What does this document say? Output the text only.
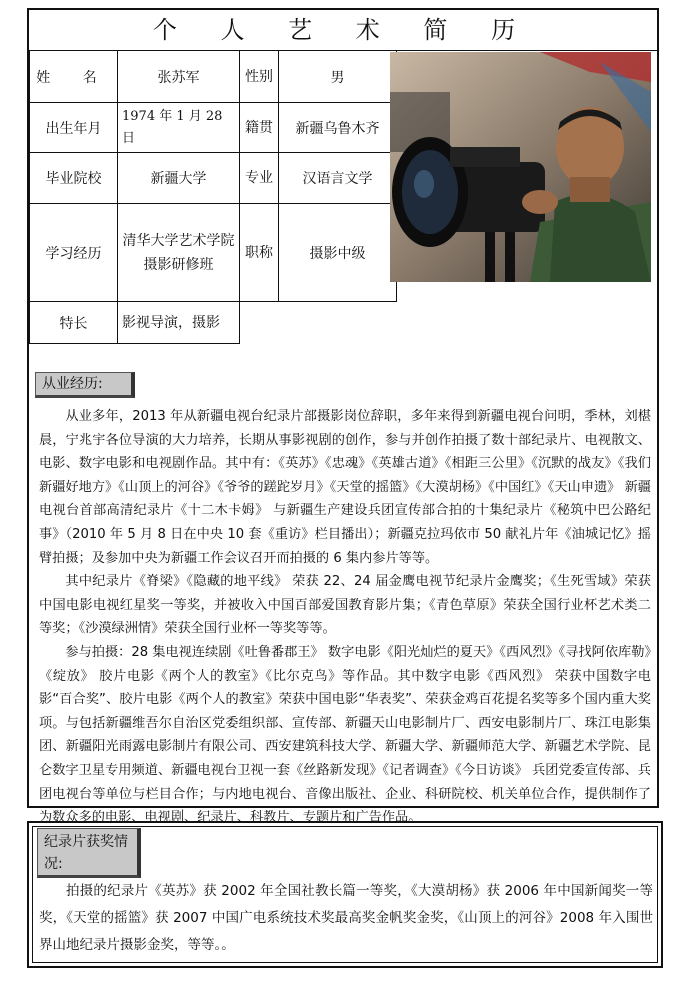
个 人 艺 术 简 历
姓 名	张苏军	性别	男
出生年月	1974 年 1 月 28 日	籍贯	新疆乌鲁木齐
毕业院校	新疆大学	专业	汉语言文学
学习经历	清华大学艺术学院 摄影研修班	职称	摄影中级
特长	影视导演，摄影		
从业经历:

从业多年，2013 年从新疆电视台纪录片部摄影岗位辞职，多年来得到新疆电视台问明，季林，刘椹晨，宁兆宇各位导演的大力培养，长期从事影视剧的创作，参与并创作拍摄了数十部纪录片、电视散文、电影、数字电影和电视剧作品。其中有：《英苏》《忠魂》《英雄古道》《相距三公里》《沉默的战友》《我们新疆好地方》《山顶上的河谷》《爷爷的蹉跎岁月》《天堂的摇篮》《大漠胡杨》《中国红》《天山申遗》 新疆电视台首部高清纪录片《十二木卡姆》 与新疆生产建设兵团宣传部合拍的十集纪录片《秘筑中巴公路纪事》（2010 年 5 月 8 日在中央 10 套《重访》栏目播出）；新疆克拉玛依市 50 献礼片年《油城记忆》摇臂拍摄；及参加中央为新疆工作会议召开而拍摄的 6 集内参片等等。

其中纪录片《脊梁》《隐藏的地平线》 荣获 22、24 届金鹰电视节纪录片金鹰奖；《生死雪域》荣获中国电影电视红星奖一等奖，并被收入中国百部爱国教育影片集；《青色草原》荣获全国行业杯艺术类二等奖；《沙漠绿洲情》荣获全国行业杯一等奖等等。

参与拍摄：28 集电视连续剧《吐鲁番郡王》 数字电影《阳光灿烂的夏天》《西风烈》《寻找阿依库勒》《绽放》 胶片电影《两个人的教室》《比尔克鸟》等作品。其中数字电影《西风烈》 荣获中国数字电影“百合奖”、胶片电影《两个人的教室》荣获中国电影“华表奖”、荣获金鸡百花提名奖等多个国内重大奖项。与包括新疆维吾尔自治区党委组织部、宣传部、新疆天山电影制片厂、西安电影制片厂、珠江电影集团、新疆阳光雨露电影制片有限公司、西安建筑科技大学、新疆大学、新疆师范大学、新疆艺术学院、昆仑数字卫星专用频道、新疆电视台卫视一套《丝路新发现》《记者调查》《今日访谈》 兵团党委宣传部、兵团电视台等单位与栏目合作；与内地电视台、音像出版社、企业、科研院校、机关单位合作，提供制作了为数众多的电影、电视剧、纪录片、科教片、专题片和广告作品。

纪录片获奖情况:

拍摄的纪录片《英苏》获 2002 年全国社教长篇一等奖，《大漠胡杨》获 2006 年中国新闻奖一等奖，《天堂的摇篮》获 2007 中国广电系统技术奖最高奖金帆奖金奖，《山顶上的河谷》2008 年入围世界山地纪录片摄影金奖，等等。。
